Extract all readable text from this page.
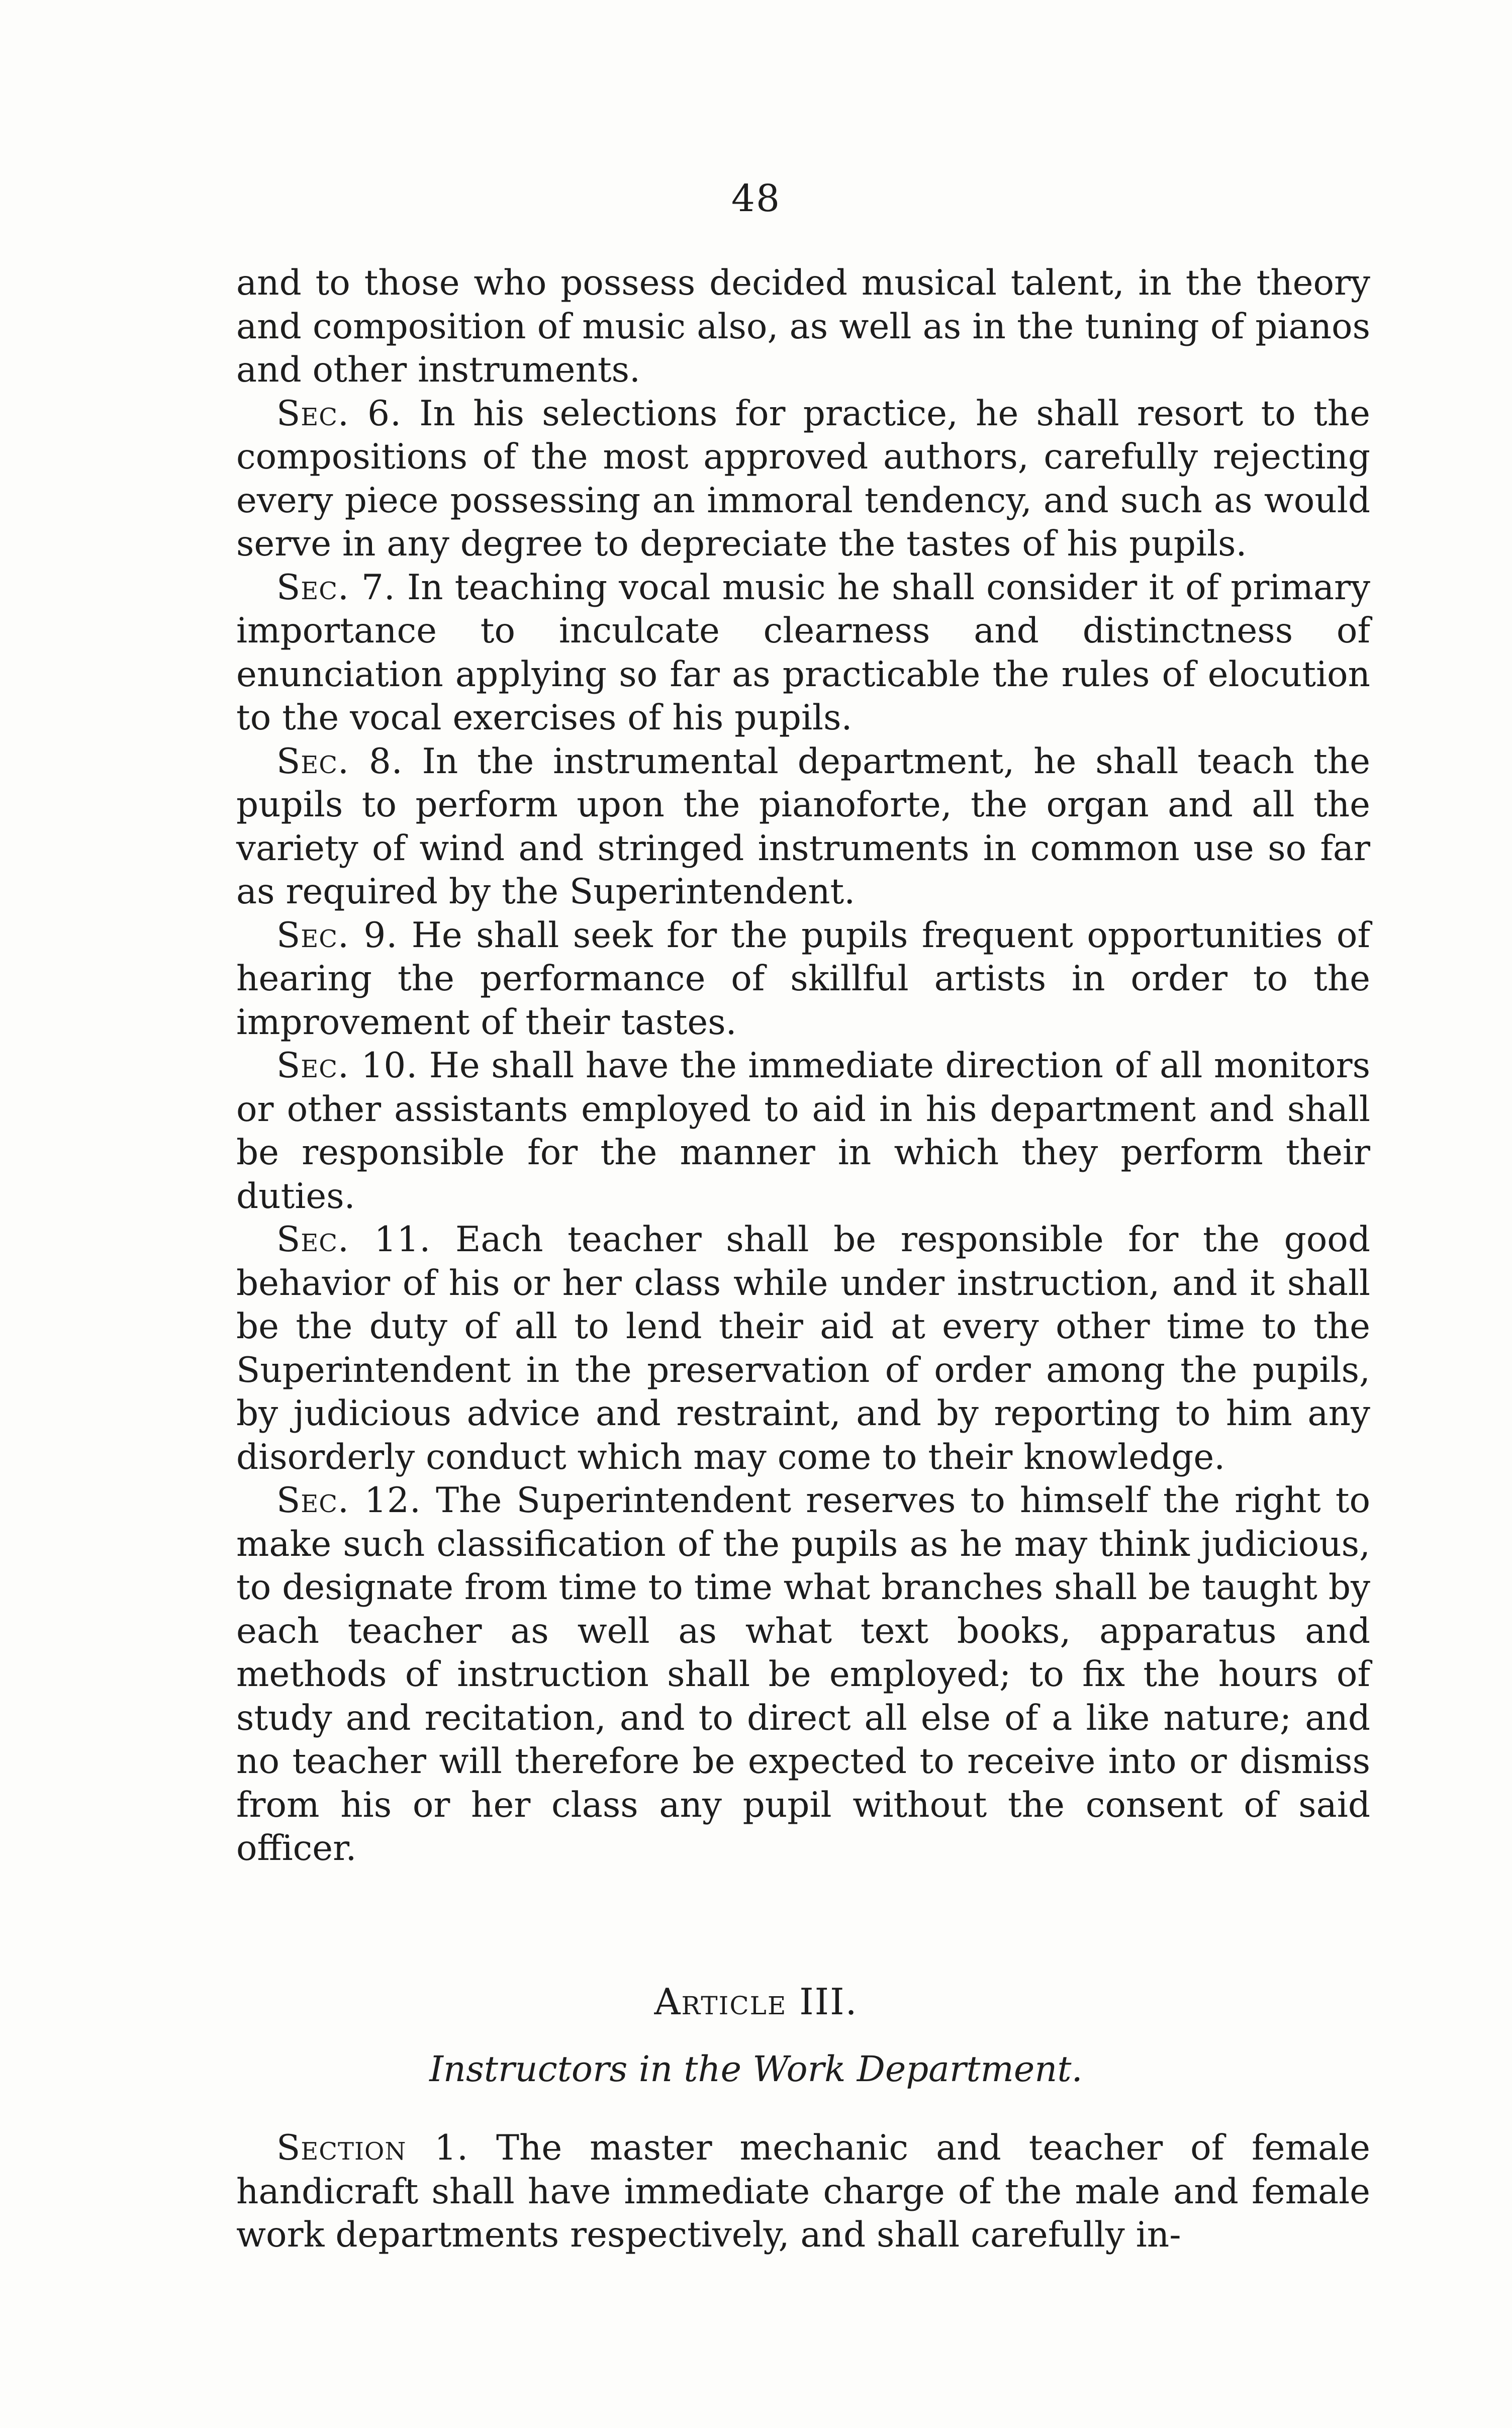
48

and to those who possess decided musical talent, in the theory and composition of music also, as well as in the tuning of pianos and other instruments.

Sec. 6. In his selections for practice, he shall resort to the compositions of the most approved authors, carefully rejecting every piece possessing an immoral tendency, and such as would serve in any degree to depreciate the tastes of his pupils.

Sec. 7. In teaching vocal music he shall consider it of primary importance to inculcate clearness and distinctness of enunciation applying so far as practicable the rules of elocution to the vocal exercises of his pupils.

Sec. 8. In the instrumental department, he shall teach the pupils to perform upon the pianoforte, the organ and all the variety of wind and stringed instruments in common use so far as required by the Superintendent.

Sec. 9. He shall seek for the pupils frequent opportunities of hearing the performance of skillful artists in order to the improvement of their tastes.

Sec. 10. He shall have the immediate direction of all monitors or other assistants employed to aid in his department and shall be responsible for the manner in which they perform their duties.

Sec. 11. Each teacher shall be responsible for the good behavior of his or her class while under instruction, and it shall be the duty of all to lend their aid at every other time to the Superintendent in the preservation of order among the pupils, by judicious advice and restraint, and by reporting to him any disorderly conduct which may come to their knowledge.

Sec. 12. The Superintendent reserves to himself the right to make such classification of the pupils as he may think judicious, to designate from time to time what branches shall be taught by each teacher as well as what text books, apparatus and methods of instruction shall be employed; to fix the hours of study and recitation, and to direct all else of a like nature; and no teacher will therefore be expected to receive into or dismiss from his or her class any pupil without the consent of said officer.

Article III.
Instructors in the Work Department.

Section 1. The master mechanic and teacher of female handicraft shall have immediate charge of the male and female work departments respectively, and shall carefully in-
